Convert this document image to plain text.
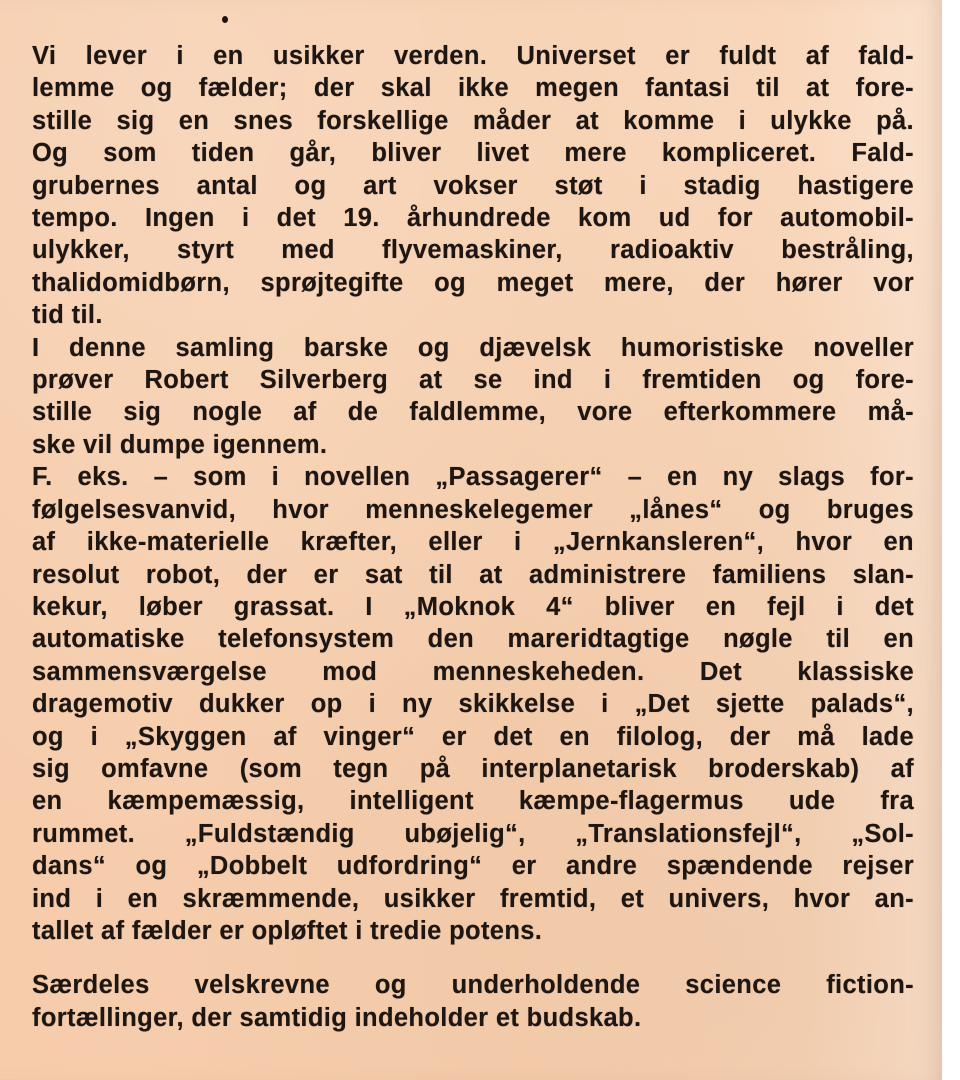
Vi lever i en usikker verden. Universet er fuldt af fald-
lemme og fælder; der skal ikke megen fantasi til at fore-
stille sig en snes forskellige måder at komme i ulykke på.
Og som tiden går, bliver livet mere kompliceret. Fald-
grubernes antal og art vokser støt i stadig hastigere
tempo. Ingen i det 19. århundrede kom ud for automobil-
ulykker, styrt med flyvemaskiner, radioaktiv bestråling,
thalidomidbørn, sprøjtegifte og meget mere, der hører vor
tid til.
I denne samling barske og djævelsk humoristiske noveller
prøver Robert Silverberg at se ind i fremtiden og fore-
stille sig nogle af de faldlemme, vore efterkommere må-
ske vil dumpe igennem.
F. eks. – som i novellen „Passagerer“ – en ny slags for-
følgelsesvanvid, hvor menneskelegemer „lånes“ og bruges
af ikke-materielle kræfter, eller i „Jernkansleren“, hvor en
resolut robot, der er sat til at administrere familiens slan-
kekur, løber grassat. I „Moknok 4“ bliver en fejl i det
automatiske telefonsystem den mareridtagtige nøgle til en
sammensværgelse mod menneskeheden. Det klassiske
dragemotiv dukker op i ny skikkelse i „Det sjette palads“,
og i „Skyggen af vinger“ er det en filolog, der må lade
sig omfavne (som tegn på interplanetarisk broderskab) af
en kæmpemæssig, intelligent kæmpe-flagermus ude fra
rummet. „Fuldstændig ubøjelig“, „Translationsfejl“, „Sol-
dans“ og „Dobbelt udfordring“ er andre spændende rejser
ind i en skræmmende, usikker fremtid, et univers, hvor an-
tallet af fælder er opløftet i tredie potens.
Særdeles velskrevne og underholdende science fiction-
fortællinger, der samtidig indeholder et budskab.
